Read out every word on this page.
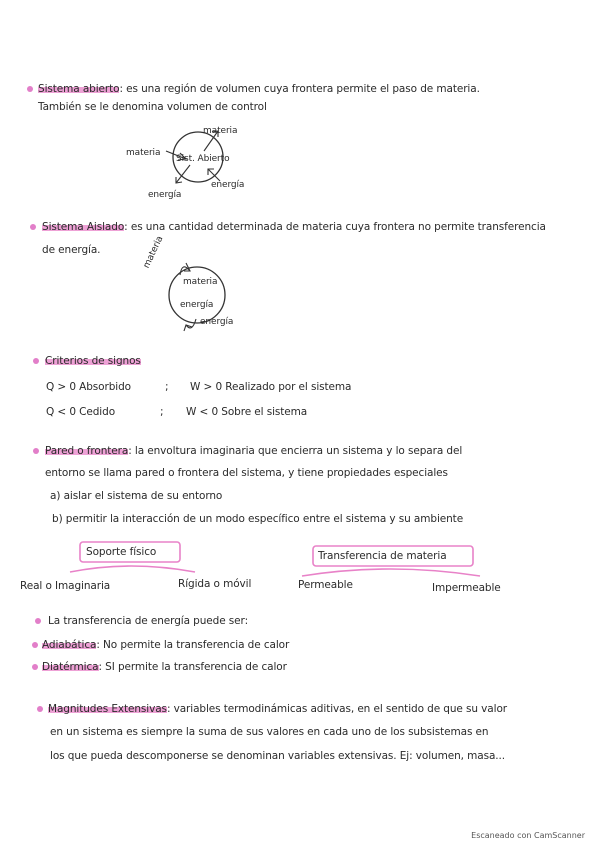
Sistema abierto: es una región de volumen cuya frontera permite el paso de materia.
También se le denomina volumen de control
Sist. Abierto
materia
materia
energía
energía
Sistema Aislado: es una cantidad determinada de materia cuya frontera no permite transferencia
de energía.	materia
materia
energía
energía
Criterios de signos
Q > 0 Absorbido	; W > 0 Realizado por el sistema
Q < 0 Cedido	; W < 0 Sobre el sistema
Pared o frontera: la envoltura imaginaria que encierra un sistema y lo separa del
entorno se llama pared o frontera del sistema, y tiene propiedades especiales
a) aislar el sistema de su entorno
b) permitir la interacción de un modo específico entre el sistema y su ambiente
Soporte físico	Transferencia de materia
Real o Imaginaria	Rígida o móvil	Permeable	Impermeable
La transferencia de energía puede ser:
Adiabática: No permite la transferencia de calor
Diatérmica: SI permite la transferencia de calor
Magnitudes Extensivas: variables termodinámicas aditivas, en el sentido de que su valor
en un sistema es siempre la suma de sus valores en cada uno de los subsistemas en
los que pueda descomponerse se denominan variables extensivas. Ej: volumen, masa...
Escaneado con CamScanner
